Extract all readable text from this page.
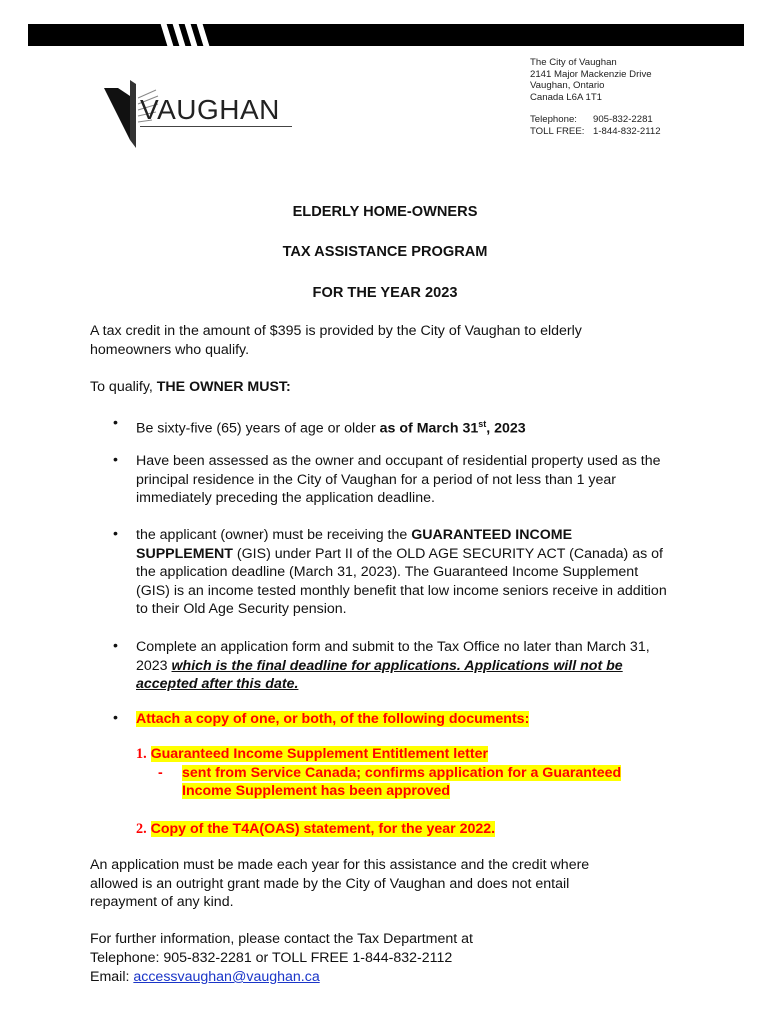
VAUGHAN
The City of Vaughan
2141 Major Mackenzie Drive
Vaughan, Ontario
Canada L6A 1T1
Telephone: 905-832-2281
TOLL FREE: 1-844-832-2112
ELDERLY HOME-OWNERS
TAX ASSISTANCE PROGRAM
FOR THE YEAR 2023
A tax credit in the amount of $395 is provided by the City of Vaughan to elderly homeowners who qualify.
To qualify, THE OWNER MUST:
• Be sixty-five (65) years of age or older as of March 31st, 2023
• Have been assessed as the owner and occupant of residential property used as the principal residence in the City of Vaughan for a period of not less than 1 year immediately preceding the application deadline.
• the applicant (owner) must be receiving the GUARANTEED INCOME
SUPPLEMENT (GIS) under Part II of the OLD AGE SECURITY ACT (Canada) as of the application deadline (March 31, 2023). The Guaranteed Income Supplement (GIS) is an income tested monthly benefit that low income seniors receive in addition to their Old Age Security pension.
• Complete an application form and submit to the Tax Office no later than March 31, 2023 which is the final deadline for applications. Applications will not be accepted after this date.
• Attach a copy of one, or both, of the following documents:
1. Guaranteed Income Supplement Entitlement letter
- sent from Service Canada; confirms application for a Guaranteed
Income Supplement has been approved
2. Copy of the T4A(OAS) statement, for the year 2022.
An application must be made each year for this assistance and the credit where allowed is an outright grant made by the City of Vaughan and does not entail repayment of any kind.
For further information, please contact the Tax Department at
Telephone: 905-832-2281 or TOLL FREE 1-844-832-2112
Email: accessvaughan@vaughan.ca
